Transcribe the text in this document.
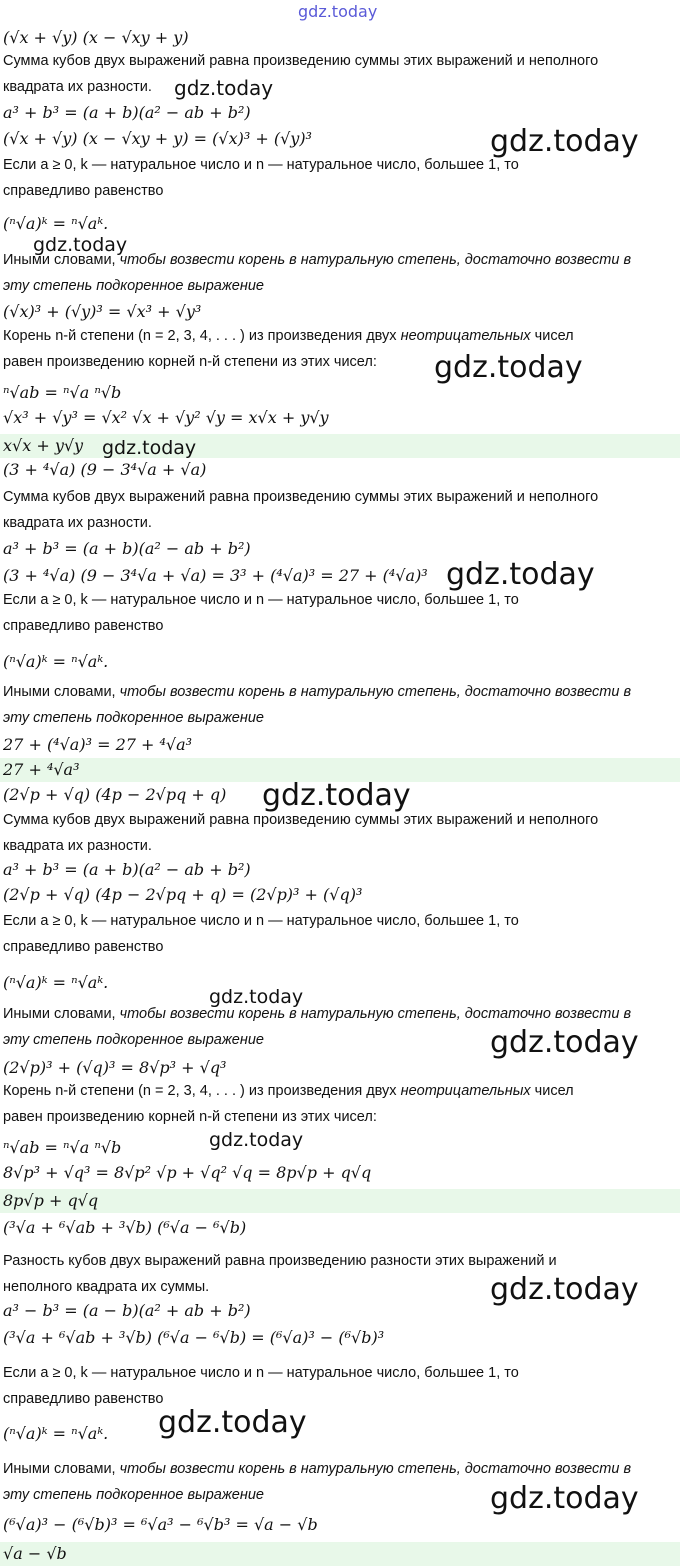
(√x + √y) (x − √xy + y)
Сумма кубов двух выражений равна произведению суммы этих выражений и неполного
квадрата их разности.
a³ + b³ = (a + b)(a² − ab + b²)
(√x + √y) (x − √xy + y) = (√x)³ + (√y)³
Если a ≥ 0, k — натуральное число и n — натуральное число, большее 1, то
справедливо равенство
(ⁿ√a)ᵏ = ⁿ√aᵏ.
Иными словами, чтобы возвести корень в натуральную степень, достаточно возвести в
эту степень подкоренное выражение
(√x)³ + (√y)³ = √x³ + √y³
Корень n-й степени (n = 2, 3, 4, . . . ) из произведения двух неотрицательных чисел
равен произведению корней n-й степени из этих чисел:
ⁿ√ab = ⁿ√a ⁿ√b
√x³ + √y³ = √x² √x + √y² √y = x√x + y√y
x√x + y√y
(3 + ⁴√a) (9 − 3⁴√a + √a)
Сумма кубов двух выражений равна произведению суммы этих выражений и неполного
квадрата их разности.
a³ + b³ = (a + b)(a² − ab + b²)
(3 + ⁴√a) (9 − 3⁴√a + √a) = 3³ + (⁴√a)³ = 27 + (⁴√a)³
Если a ≥ 0, k — натуральное число и n — натуральное число, большее 1, то
справедливо равенство
(ⁿ√a)ᵏ = ⁿ√aᵏ.
Иными словами, чтобы возвести корень в натуральную степень, достаточно возвести в
эту степень подкоренное выражение
27 + (⁴√a)³ = 27 + ⁴√a³
27 + ⁴√a³
(2√p + √q) (4p − 2√pq + q)
Сумма кубов двух выражений равна произведению суммы этих выражений и неполного
квадрата их разности.
a³ + b³ = (a + b)(a² − ab + b²)
(2√p + √q) (4p − 2√pq + q) = (2√p)³ + (√q)³
Если a ≥ 0, k — натуральное число и n — натуральное число, большее 1, то
справедливо равенство
(ⁿ√a)ᵏ = ⁿ√aᵏ.
Иными словами, чтобы возвести корень в натуральную степень, достаточно возвести в
эту степень подкоренное выражение
(2√p)³ + (√q)³ = 8√p³ + √q³
Корень n-й степени (n = 2, 3, 4, . . . ) из произведения двух неотрицательных чисел
равен произведению корней n-й степени из этих чисел:
ⁿ√ab = ⁿ√a ⁿ√b
8√p³ + √q³ = 8√p² √p + √q² √q = 8p√p + q√q
8p√p + q√q
(³√a + ⁶√ab + ³√b) (⁶√a − ⁶√b)
Разность кубов двух выражений равна произведению разности этих выражений и
неполного квадрата их суммы.
a³ − b³ = (a − b)(a² + ab + b²)
(³√a + ⁶√ab + ³√b) (⁶√a − ⁶√b) = (⁶√a)³ − (⁶√b)³
Если a ≥ 0, k — натуральное число и n — натуральное число, большее 1, то
справедливо равенство
(ⁿ√a)ᵏ = ⁿ√aᵏ.
Иными словами, чтобы возвести корень в натуральную степень, достаточно возвести в
эту степень подкоренное выражение
(⁶√a)³ − (⁶√b)³ = ⁶√a³ − ⁶√b³ = √a − √b
√a − √b
gdz.today
gdz.today
gdz.today
gdz.today
gdz.today
gdz.today
gdz.today
gdz.today
gdz.today
gdz.today
gdz.today
gdz.today
gdz.today
gdz.today
